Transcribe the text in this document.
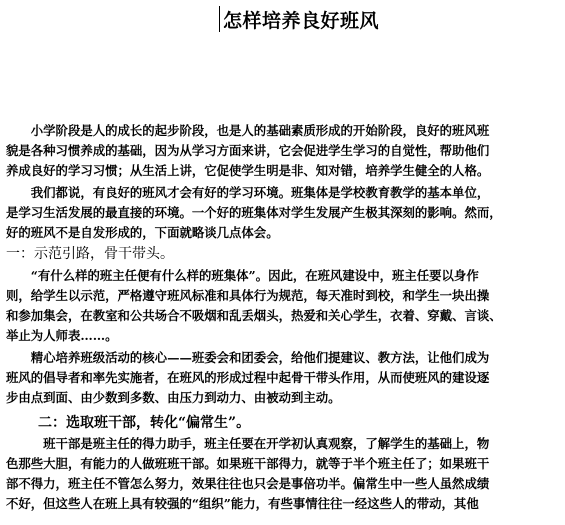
怎样培养良好班风
　　小学阶段是人的成长的起步阶段，也是人的基础素质形成的开始阶段，良好的班风班
貌是各种习惯养成的基础，因为从学习方面来讲，它会促进学生学习的自觉性，帮助他们
养成良好的学习习惯；从生活上讲，它促使学生明是非、知对错，培养学生健全的人格。
　　我们都说，有良好的班风才会有好的学习环境。班集体是学校教育教学的基本单位，
是学习生活发展的最直接的环境。一个好的班集体对学生发展产生极其深刻的影响。然而，
好的班风不是自发形成的，下面就略谈几点体会。
一：示范引路，骨干带头。
　　“有什么样的班主任便有什么样的班集体”。因此，在班风建设中，班主任要以身作
则，给学生以示范，严格遵守班风标准和具体行为规范，每天准时到校，和学生一块出操
和参加集会，在教室和公共场合不吸烟和乱丢烟头，热爱和关心学生，衣着、穿戴、言谈、
举止为人师表……。
　　精心培养班级活动的核心——班委会和团委会，给他们提建议、教方法，让他们成为
班风的倡导者和率先实施者，在班风的形成过程中起骨干带头作用，从而使班风的建设逐
步由点到面、由少数到多数、由压力到动力、由被动到主动。
二：选取班干部，转化“偏常生”。
　　　班干部是班主任的得力助手，班主任要在开学初认真观察，了解学生的基础上，物
色那些大胆，有能力的人做班班干部。如果班干部得力，就等于半个班主任了；如果班干
部不得力，班主任不管怎么努力，效果往往也只会是事倍功半。偏常生中一些人虽然成绩
不好，但这些人在班上具有较强的“组织”能力，有些事情往往一经这些人的带动，其他
